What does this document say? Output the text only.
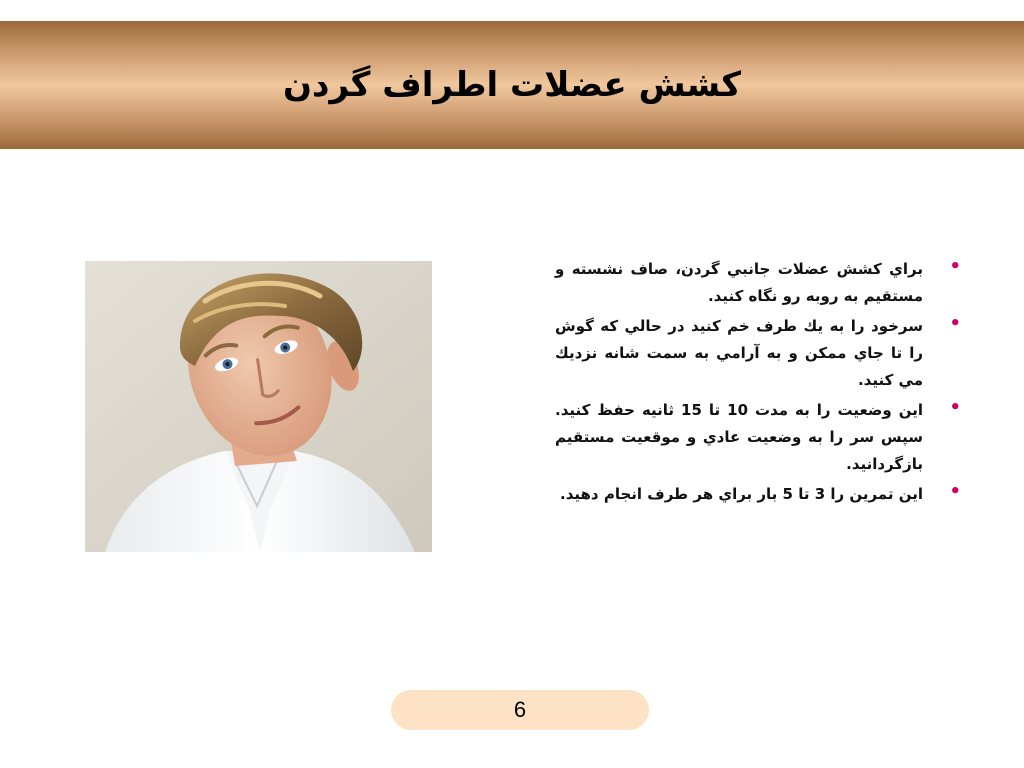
کشش عضلات اطراف گردن
•
براي كشش عضلات جانبي گردن، صاف نشسته و مستقيم به روبه رو نگاه كنيد.
•
سرخود را به يك طرف خم كنيد در حالي كه گوش را تا جاي ممكن و به آرامي به سمت شانه نزديك مي كنيد.
•
اين وضعيت را به مدت 10 تا 15 ثانيه حفظ كنيد. سپس سر را به وضعيت عادي و موقعيت مستقيم بازگردانيد.
•
اين تمرين را 3 تا 5 بار براي هر طرف انجام دهيد.
6
